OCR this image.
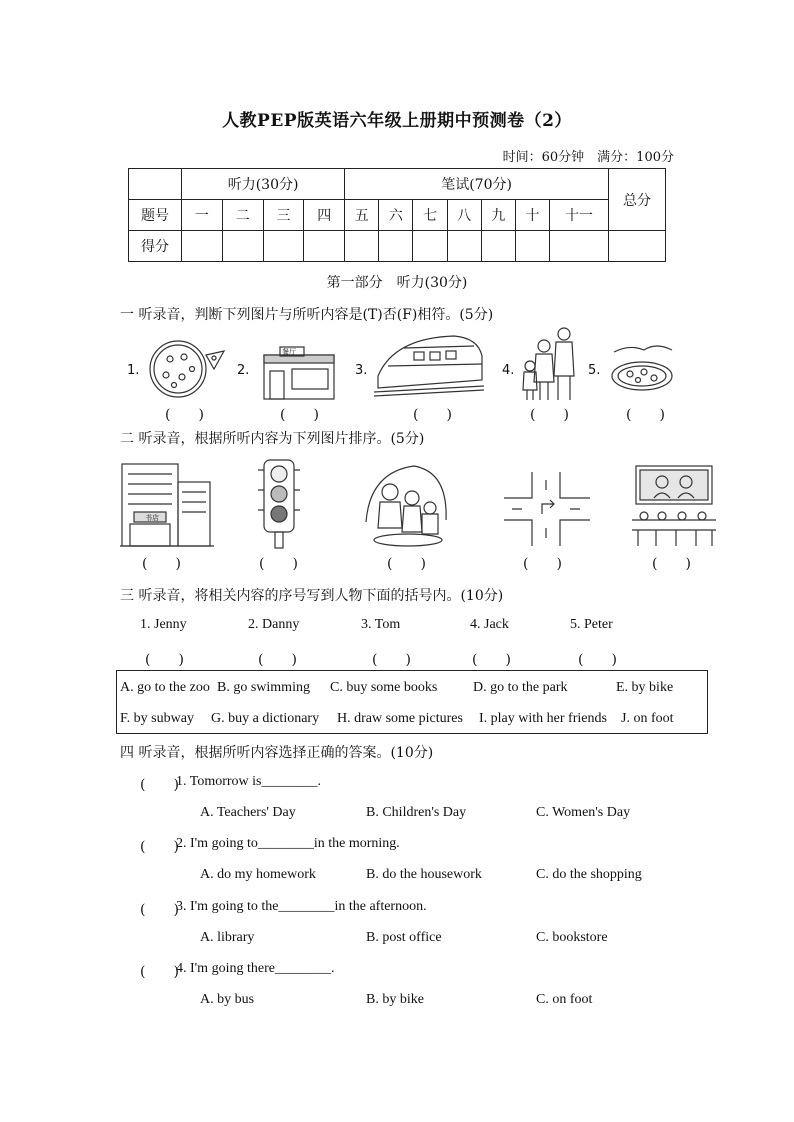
人教PEP版英语六年级上册期中预测卷（2）
时间：60分钟　满分：100分
	听力(30分)				笔试(70分)							总分
题号	一	二	三	四	五	六	七	八	九	十	十一	
得分												
第一部分　听力(30分)
一 听录音，判断下列图片与所听内容是(T)否(F)相符。(5分)
1.	2.	3.	4.	5.
餐厅
(　　)	(　　)	(　　)	(　　)	(　　)
二 听录音，根据所听内容为下列图片排序。(5分)
书店
(　　)	(　　)	(　　)	(　　)	(　　)
三 听录音，将相关内容的序号写到人物下面的括号内。(10分)
1. Jenny	2. Danny	3. Tom	4. Jack	5. Peter
(　　)	(　　)	(　　)	(　　)	(　　)
A. go to the zoo B. go swimming C. buy some books	D. go to the park	E. by bike
F. by subway G. buy a dictionary H. draw some pictures I. play with her friends J. on foot
四 听录音，根据所听内容选择正确的答案。(10分)
(　　)
1. Tomorrow is________.
A. Teachers' Day	B. Children's Day	C. Women's Day
(　　)
2. I'm going to________in the morning.
A. do my homework	B. do the housework	C. do the shopping
(　　)
3. I'm going to the________in the afternoon.
A. library	B. post office	C. bookstore
(　　)
4. I'm going there________.
A. by bus	B. by bike	C. on foot
